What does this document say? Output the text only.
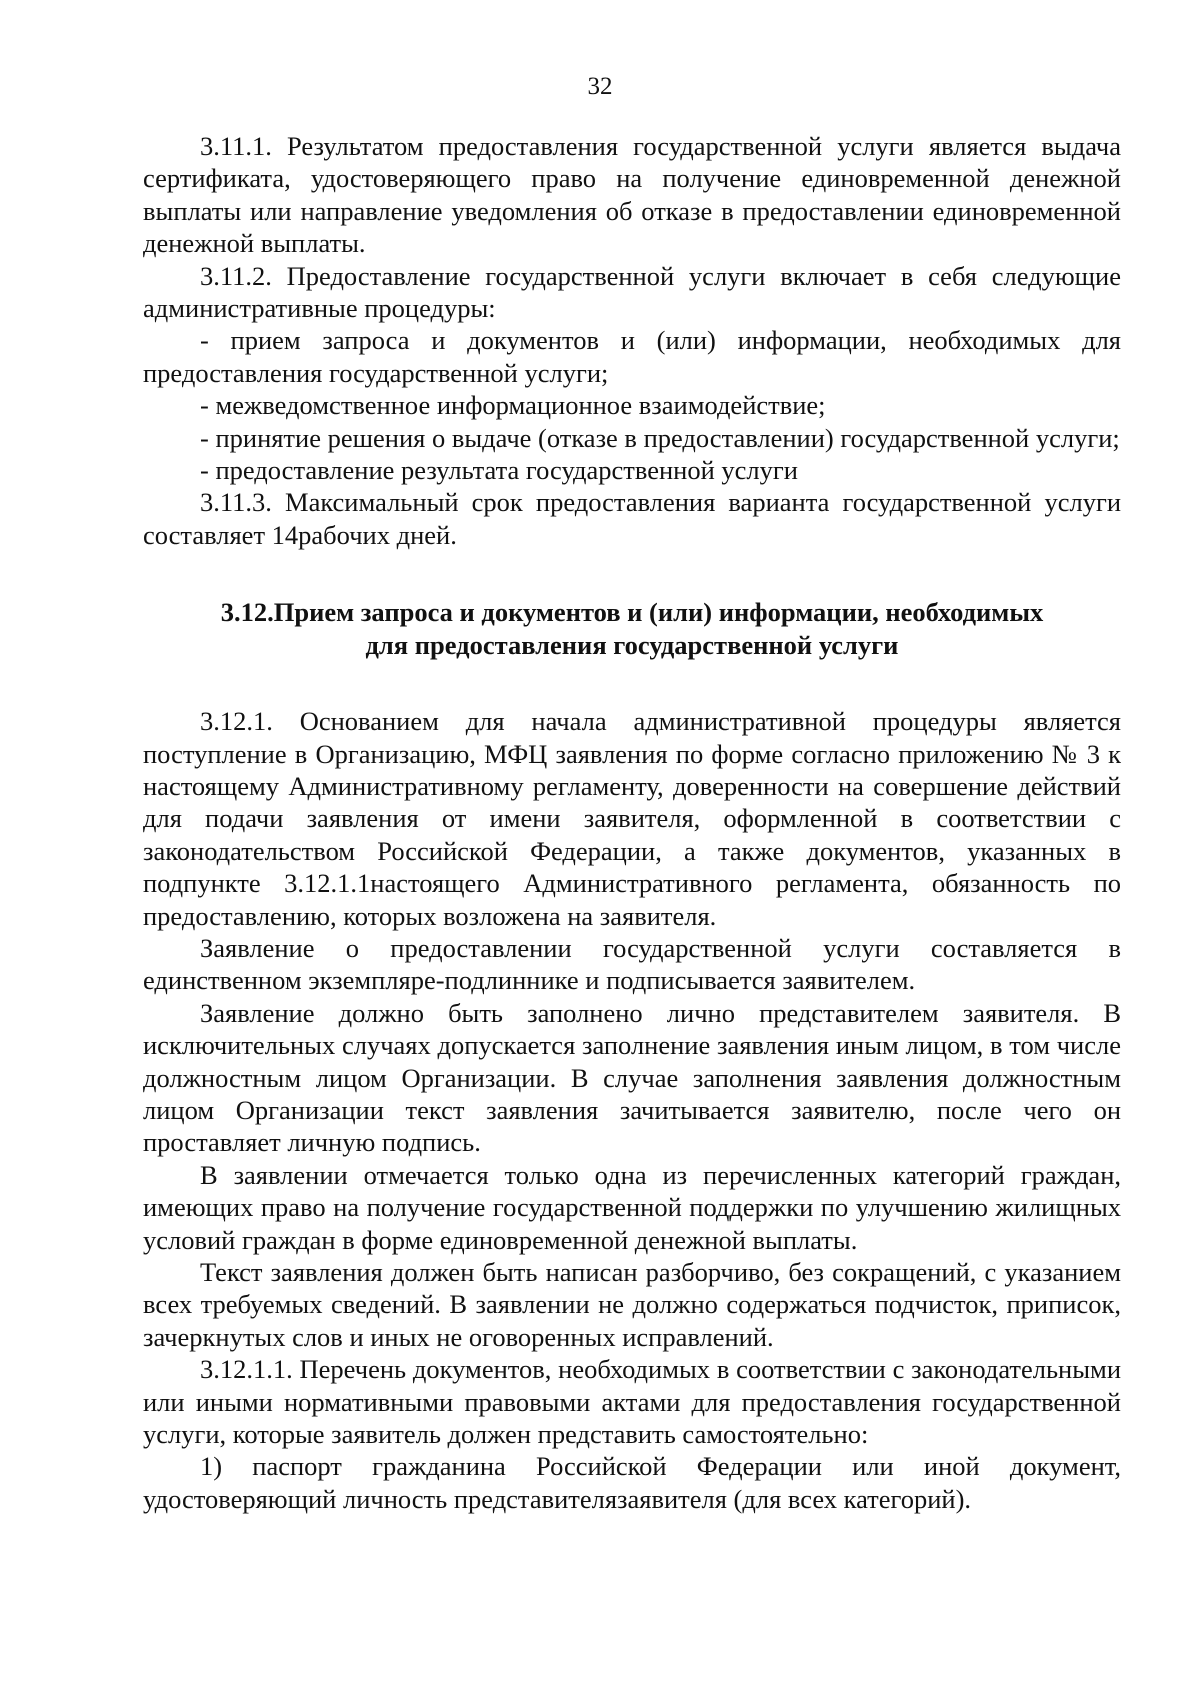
32

3.11.1. Результатом предоставления государственной услуги является выдача сертификата, удостоверяющего право на получение единовременной денежной выплаты или направление уведомления об отказе в предоставлении единовременной денежной выплаты.

3.11.2. Предоставление государственной услуги включает в себя следующие административные процедуры:

- прием запроса и документов и (или) информации, необходимых для предоставления государственной услуги;

- межведомственное информационное взаимодействие;

- принятие решения о выдаче (отказе в предоставлении) государственной услуги;

- предоставление результата государственной услуги

3.11.3. Максимальный срок предоставления варианта государственной услуги составляет 14рабочих дней.

3.12.Прием запроса и документов и (или) информации, необходимых
для предоставления государственной услуги

3.12.1. Основанием для начала административной процедуры является поступление в Организацию, МФЦ заявления по форме согласно приложению № 3 к настоящему Административному регламенту, доверенности на совершение действий для подачи заявления от имени заявителя, оформленной в соответствии с законодательством Российской Федерации, а также документов, указанных в подпункте 3.12.1.1настоящего Административного регламента, обязанность по предоставлению, которых возложена на заявителя.

Заявление о предоставлении государственной услуги составляется в единственном экземпляре-подлиннике и подписывается заявителем.

Заявление должно быть заполнено лично представителем заявителя. В исключительных случаях допускается заполнение заявления иным лицом, в том числе должностным лицом Организации. В случае заполнения заявления должностным лицом Организации текст заявления зачитывается заявителю, после чего он проставляет личную подпись.

В заявлении отмечается только одна из перечисленных категорий граждан, имеющих право на получение государственной поддержки по улучшению жилищных условий граждан в форме единовременной денежной выплаты.

Текст заявления должен быть написан разборчиво, без сокращений, с указанием всех требуемых сведений. В заявлении не должно содержаться подчисток, приписок, зачеркнутых слов и иных не оговоренных исправлений.

3.12.1.1. Перечень документов, необходимых в соответствии с законодательными или иными нормативными правовыми актами для предоставления государственной услуги, которые заявитель должен представить самостоятельно:

1) паспорт гражданина Российской Федерации или иной документ, удостоверяющий личность представителязаявителя (для всех категорий).
